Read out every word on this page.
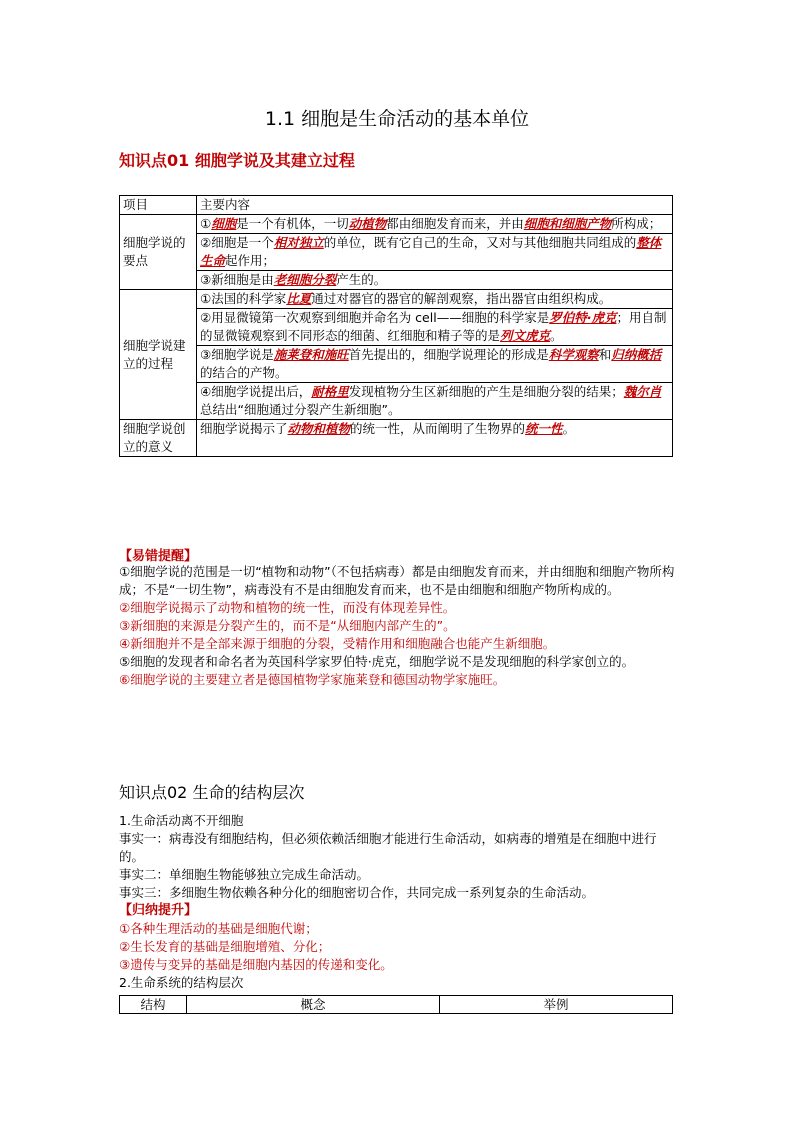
1.1 细胞是生命活动的基本单位
知识点01 细胞学说及其建立过程
项目	主要内容
细胞学说的要点	①细胞是一个有机体，一切动植物都由细胞发育而来，并由细胞和细胞产物所构成；
	②细胞是一个相对独立的单位，既有它自己的生命，又对与其他细胞共同组成的整体生命起作用；
	③新细胞是由老细胞分裂产生的。
细胞学说建立的过程	①法国的科学家比夏通过对器官的器官的解剖观察，指出器官由组织构成。
	②用显微镜第一次观察到细胞并命名为 cell——细胞的科学家是罗伯特·虎克；用自制的显微镜观察到不同形态的细菌、红细胞和精子等的是列文虎克。
	③细胞学说是施莱登和施旺首先提出的，细胞学说理论的形成是科学观察和归纳概括的结合的产物。
	④细胞学说提出后，耐格里发现植物分生区新细胞的产生是细胞分裂的结果；魏尔肖总结出“细胞通过分裂产生新细胞”。
细胞学说创立的意义	细胞学说揭示了动物和植物的统一性，从而阐明了生物界的统一性。
【易错提醒】
①细胞学说的范围是一切“植物和动物”（不包括病毒）都是由细胞发育而来，并由细胞和细胞产物所构成；不是“一切生物”，病毒没有不是由细胞发育而来，也不是由细胞和细胞产物所构成的。
②细胞学说揭示了动物和植物的统一性，而没有体现差异性。
③新细胞的来源是分裂产生的，而不是“从细胞内部产生的”。
④新细胞并不是全部来源于细胞的分裂，受精作用和细胞融合也能产生新细胞。
⑤细胞的发现者和命名者为英国科学家罗伯特·虎克，细胞学说不是发现细胞的科学家创立的。
⑥细胞学说的主要建立者是德国植物学家施莱登和德国动物学家施旺。
知识点02 生命的结构层次
1.生命活动离不开细胞
事实一：病毒没有细胞结构，但必须依赖活细胞才能进行生命活动，如病毒的增殖是在细胞中进行的。
事实二：单细胞生物能够独立完成生命活动。
事实三：多细胞生物依赖各种分化的细胞密切合作，共同完成一系列复杂的生命活动。
【归纳提升】
①各种生理活动的基础是细胞代谢；
②生长发育的基础是细胞增殖、分化；
③遗传与变异的基础是细胞内基因的传递和变化。
2.生命系统的结构层次
结构	概念	举例
